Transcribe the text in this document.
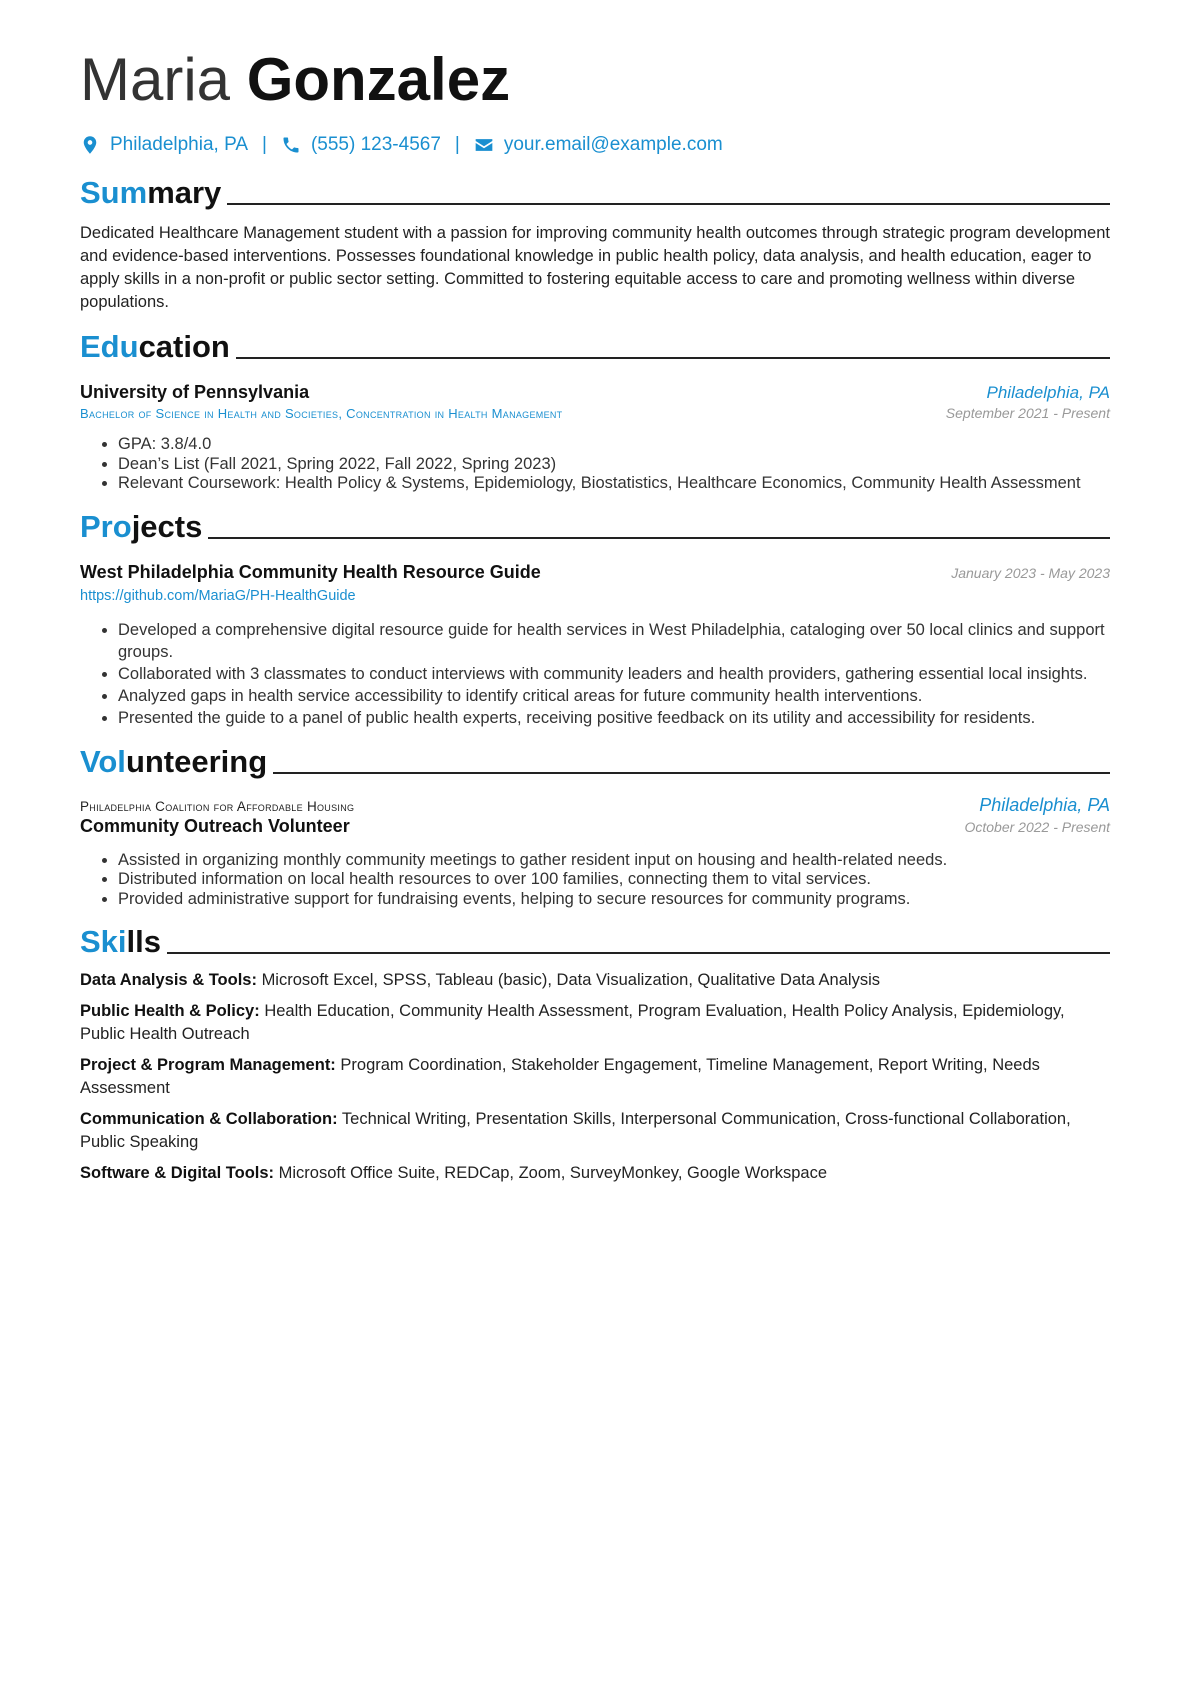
Maria Gonzalez
Philadelphia, PA | (555) 123-4567 | your.email@example.com
Summary
Dedicated Healthcare Management student with a passion for improving community health outcomes through strategic program development and evidence-based interventions. Possesses foundational knowledge in public health policy, data analysis, and health education, eager to apply skills in a non-profit or public sector setting. Committed to fostering equitable access to care and promoting wellness within diverse populations.
Education
University of Pennsylvania	Philadelphia, PA
Bachelor of Science in Health and Societies, Concentration in Health Management	September 2021 - Present
• GPA: 3.8/4.0
• Dean’s List (Fall 2021, Spring 2022, Fall 2022, Spring 2023)
• Relevant Coursework: Health Policy & Systems, Epidemiology, Biostatistics, Healthcare Economics, Community Health Assessment
Projects
West Philadelphia Community Health Resource Guide	January 2023 - May 2023
https://github.com/MariaG/PH-HealthGuide
• Developed a comprehensive digital resource guide for health services in West Philadelphia, cataloging over 50 local clinics and support groups.
• Collaborated with 3 classmates to conduct interviews with community leaders and health providers, gathering essential local insights.
• Analyzed gaps in health service accessibility to identify critical areas for future community health interventions.
• Presented the guide to a panel of public health experts, receiving positive feedback on its utility and accessibility for residents.
Volunteering
Philadelphia Coalition for Affordable Housing	Philadelphia, PA
Community Outreach Volunteer	October 2022 - Present
• Assisted in organizing monthly community meetings to gather resident input on housing and health-related needs.
• Distributed information on local health resources to over 100 families, connecting them to vital services.
• Provided administrative support for fundraising events, helping to secure resources for community programs.
Skills
Data Analysis & Tools: Microsoft Excel, SPSS, Tableau (basic), Data Visualization, Qualitative Data Analysis
Public Health & Policy: Health Education, Community Health Assessment, Program Evaluation, Health Policy Analysis, Epidemiology, Public Health Outreach
Project & Program Management: Program Coordination, Stakeholder Engagement, Timeline Management, Report Writing, Needs Assessment
Communication & Collaboration: Technical Writing, Presentation Skills, Interpersonal Communication, Cross-functional Collaboration, Public Speaking
Software & Digital Tools: Microsoft Office Suite, REDCap, Zoom, SurveyMonkey, Google Workspace
